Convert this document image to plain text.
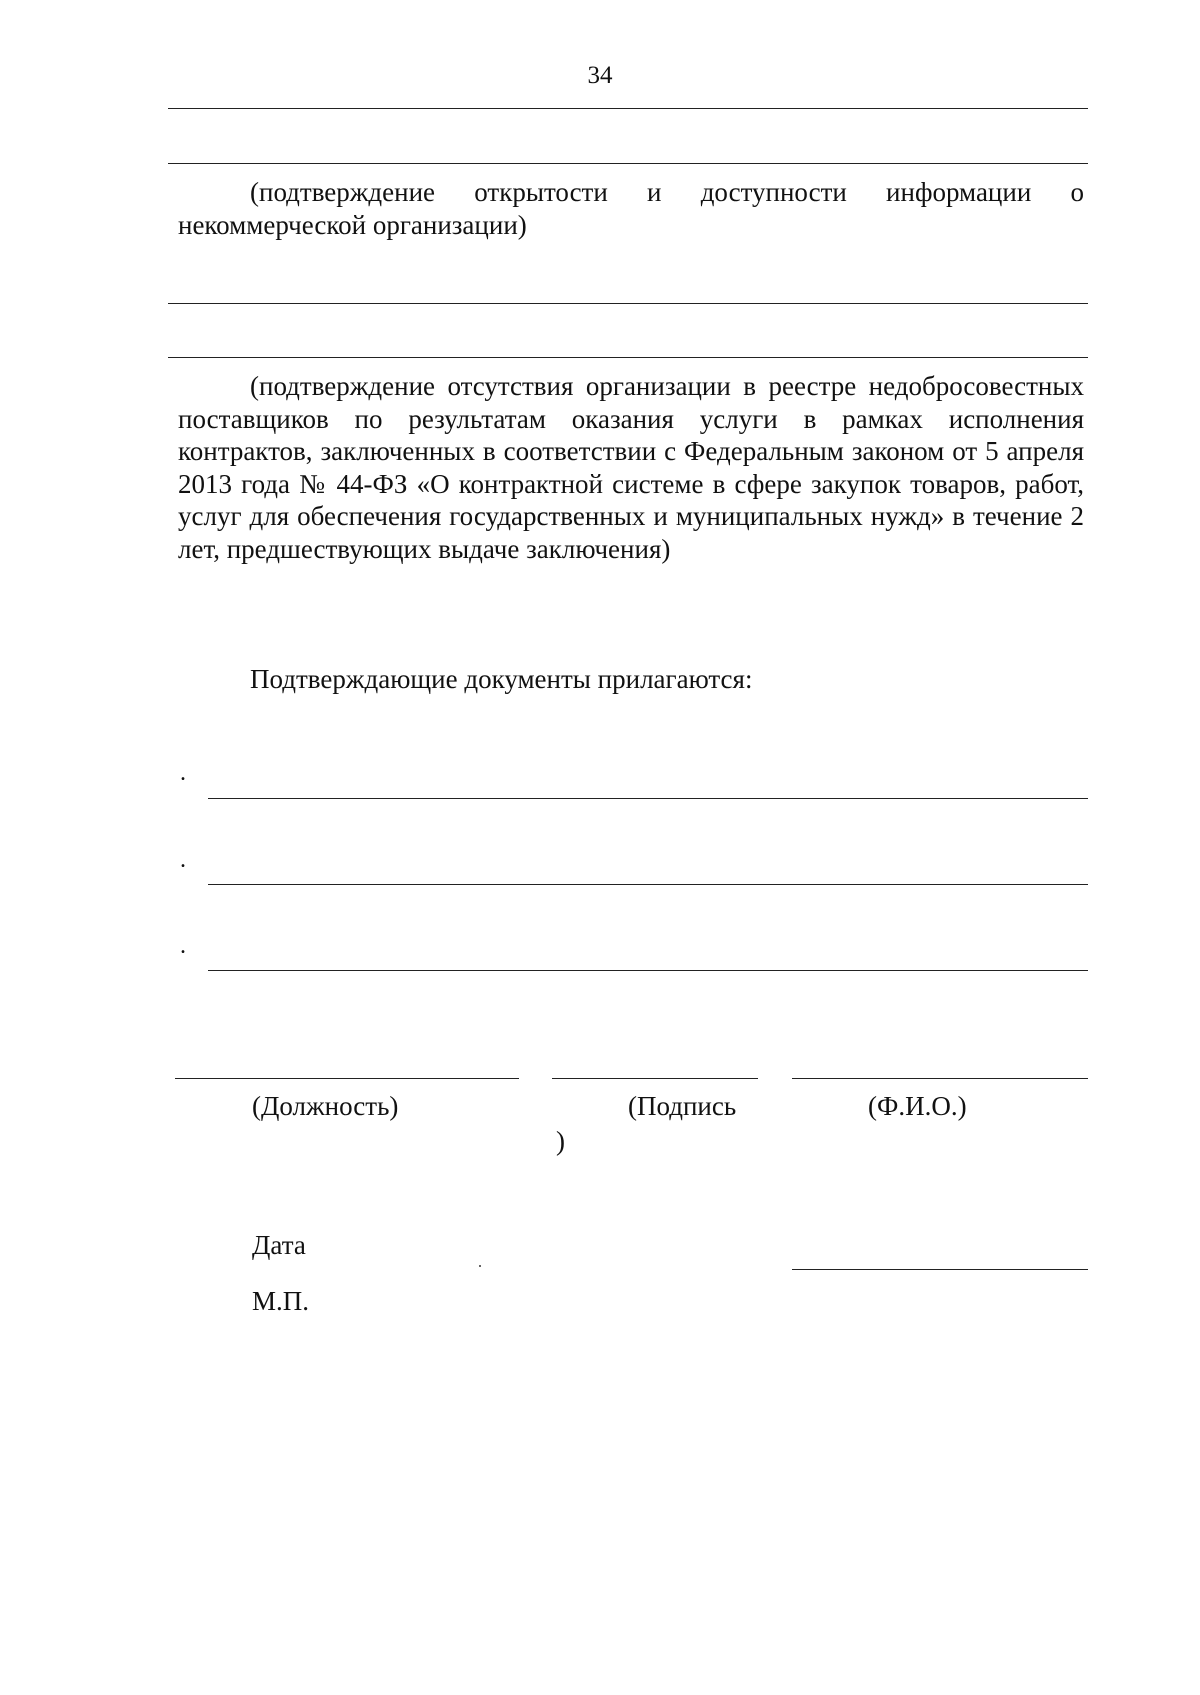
34
(подтверждение открытости и доступности информации о некоммерческой организации)
(подтверждение отсутствия организации в реестре недобросовестных поставщиков по результатам оказания услуги в рамках исполнения контрактов, заключенных в соответствии с Федеральным законом от 5 апреля 2013 года № 44-ФЗ «О контрактной системе в сфере закупок товаров, работ, услуг для обеспечения государственных и муниципальных нужд» в течение 2 лет, предшествующих выдаче заключения)
Подтверждающие документы прилагаются:
.
.
.
(Должность)	(Подпись
)
(Ф.И.О.)
Дата
М.П.
